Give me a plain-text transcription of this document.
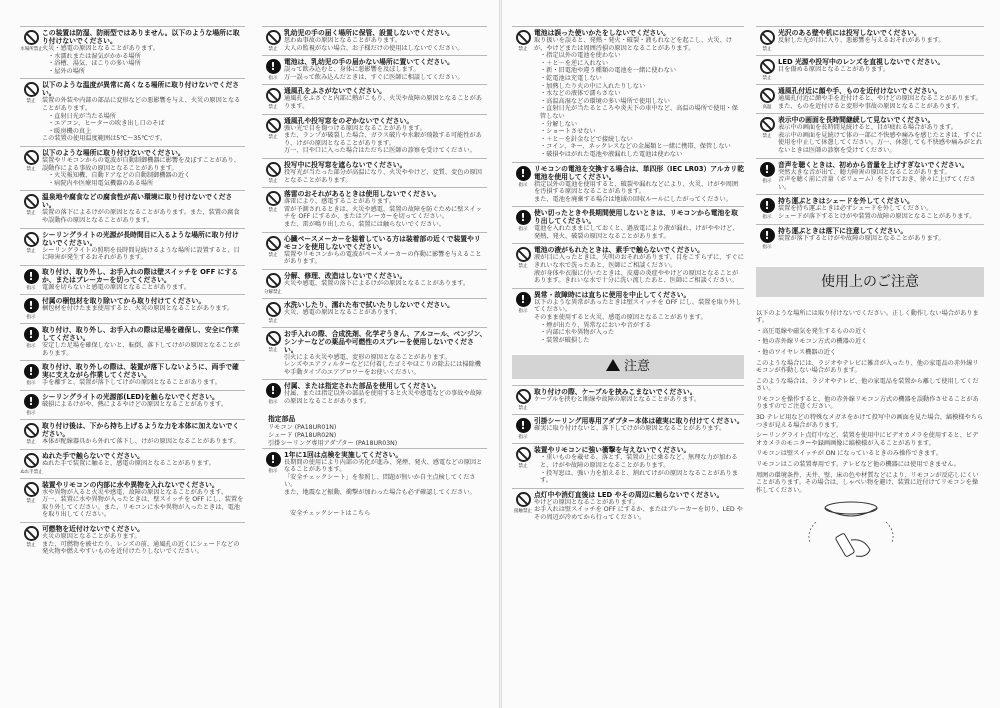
水場所禁止
この装置は防湿、防雨型ではありません。以下のような場所に取り付けないでください。
火災・感電の原因となることがあります。
・水濡れまたは湿気がかかる場所
・浴槽、湯気、ほこりの多い場所
・屋外の場所
禁止
以下のような温度が異常に高くなる場所に取り付けないでください。
装置の外装や内部の部品に変形などの悪影響を与え、火災の原因となることがあります。
・直射日光が当たる場所
・エアコン、ヒーターの吹き出し口のそば
・暖房機の真上
この装置の使用温度範囲は5℃～35℃です。
禁止
以下のような場所に取り付けないでください。
装置やリモコンからの電波が自動制御機器に影響を及ぼすことがあり、誤動作による事故の原因となることがあります。
・火災報知機、自動ドアなどの自動制御機器の近く
・病院内や医療用電気機器のある場所
禁止
温泉地や腐食などの腐食性が高い環境に取り付けないでください。
装置の落下によるけがの原因となることがあります。また、装置の腐食や誤動作の原因となることがあります。
禁止
シーリングライトの光源が長時間目に入るような場所に取り付けないでください。
シーリングライトの照明を長時間見続けるような場所に設置すると、目に障害が発生するおそれがあります。
!
指示
取り付け、取り外し、お手入れの際は壁スイッチを OFF にするか、またはブレーカーを切ってください。
電源を切らないと感電の原因となることがあります。
!
指示
付属の梱包材を取り除いてから取り付けてください。
梱包材を付けたまま使用すると、火災の原因となることがあります。
!
指示
取り付け、取り外し、お手入れの際は足場を確保し、安全に作業してください。
安定した足場を確保しないと、転倒、落下してけがの原因となることがあります。
!
指示
取り付け、取り外しの際は、装置が落下しないように、両手で確実に支えながら作業してください。
手を離すと、装置が落下してけがの原因となることがあります。
!
指示
シーリングライトの光源部(LED)を触らないでください。
破損によるけがや、熱によるやけどの原因となることがあります。
禁止
取り付け後は、下から持ち上げるような力を本体に加えないでください。
本体が配線器具から外れて落下し、けがの原因となることがあります。
ぬれ手禁止
ぬれた手で触らないでください。
ぬれた手で装置に触ると、感電の原因となることがあります。
禁止
装置やリモコンの内部に水や異物を入れないでください。
水や異物が入ると火災や感電、故障の原因となることがあります。
万一、装置に水や異物が入ったときは、壁スイッチを OFF にし、装置を取り外してください。また、リモコンに水や異物が入ったときは、電池を取り出してください。
禁止
可燃物を近付けないでください。
火災の原因となることがあります。
また、可燃物を被せたり、レンズの前、通風孔の近くにシェードなどの発火物や燃えやすいものを近付けたりしないでください。
禁止
乳幼児の手の届く場所に保管、設置しないでください。
思わぬ事故の原因となることがあります。
大人の監視がない場合、お子様だけの使用はしないでください。
!
指示
電池は、乳幼児の手の届かない場所に置いてください。
誤って飲み込むと、身体に悪影響を及ぼします。
万一誤って飲み込んだときは、すぐに医師に相談してください。
禁止
通風孔をふさがないでください。
通風孔をふさぐと内部に熱がこもり、火災や故障の原因となることがあります。
禁止
通風孔や投写窓をのぞかないでください。
強い光で目を傷つける原因となることがあります。
また、ランプが破裂した場合、ガラス破片や水銀が飛散する可能性があり、けがの原因となることがあります。
万一、目や口に入った場合はただちに医師の診察を受けてください。
禁止
投写中に投写窓を遮らないでください。
投写光が当たった部分が高温になり、火災ややけど、変質、変色の原因となることがあります。
禁止
落雷のおそれがあるときは使用しないでください。
落雷により、感電することがあります。
雷が予測されるときは、火災や感電、装置の故障を防ぐために壁スイッチを OFF にするか、またはブレーカーを切ってください。
また、雷が鳴り出したら、装置には触らないでください。
禁止
心臓ペースメーカーを装着している方は装着部の近くで装置やリモコンを使用しないでください。
装置やリモコンからの電波がペースメーカーの作動に影響を与えることがあります。
分解禁止
分解、修理、改造はしないでください。
火災や感電、装置の落下によるけがの原因となることがあります。
禁止
水洗いしたり、濡れた布で拭いたりしないでください。
火災、感電の原因となることがあります。
禁止
お手入れの際、合成洗剤、化学ぞうきん、アルコール、ベンジン、シンナーなどの薬品や可燃性のスプレーを使用しないでください。
引火による火災や感電、変形の原因となることがあります。
レンズやエアフィルターなどに付着したゴミやほこりの除去には掃除機や手動タイプのエアブロワーをお使いください。
!
指示
付属、または指定された部品を使用してください。
付属、または指定以外の部品を使用すると火災や感電などの事故や故障の原因となることがあります。
指定部品
リモコン (PA18UR01N)
シェード (PA18UR02N)
引掛シーリング専用アダプター (PA18UR03N)
!
指示
1年に1回は点検を実施してください。
長期間の使用により内部の劣化が進み、発煙、発火、感電などの原因となることがあります。
「安全チェックシート」を参照し、問題が無いか自主点検してください。
また、地震など振動、衝撃が加わった場合も必ず確認してください。
安全チェックシートはこちら
禁止
電池は誤った使いかたをしないでください。
取り扱いを誤ると、発熱・発火・破裂・液もれなどを起こし、火災、けが、やけどまたは周囲汚損の原因となることがあります。
・指定以外の電池を使わない
・＋と－を逆に入れない
・新・旧電池や違う種類の電池を一緒に使わない
・乾電池は充電しない
・加熱したり火の中に入れたりしない
・水などの液体で濡らさない
・高温高湿などの環境の多い場所で使用しない
・直射日光が当たるところや炎天下の車中など、高温の場所で使用・保管しない
・分解しない
・ショートさせない
・＋と－を針金などで接続しない
・コイン、キー、ネックレスなどの金属類と一緒に携帯、保管しない
・破損やはがれた電池や液漏れした電池は使わない
!
指示
リモコンの電池を交換する場合は、単四形（IEC LR03）アルカリ乾電池を使用してください。
指定以外の電池を使用すると、破裂や漏れなどにより、火災、けがや周囲を汚損する原因となることがあります。
また、電池を廃棄する場合は地域の回収ルールにしたがってください。
!
指示
使い切ったときや長期間使用しないときは、リモコンから電池を取り出してください。
電池を入れたままにしておくと、過放電により液が漏れ、けがややけど、発熱、発火、破裂の原因となることがあります。
禁止
電池の液がもれたときは、素手で触らないでください。
液が目に入ったときは、失明のおそれがあります。目をこすらずに、すぐにきれいな水で洗ったあと、医師にご相談ください。
液が身体や衣服に付いたときは、皮膚の炎症ややけどの原因となることがあります。きれいな水で十分に洗い流したあと、医師にご相談ください。
!
指示
異常・故障時には直ちに使用を中止してください。
以下のような異常があったときは壁スイッチを OFF にし、装置を取り外してください。
そのまま使用すると火災、感電の原因となることがあります。
・煙が出たり、異常なにおいや音がする
・内部に水や異物が入った
・装置が破損した
注意
禁止
取り付けの際、ケーブルを挟みこまないでください。
ケーブルを挟むと断線や故障の原因となることがあります。
!
指示
引掛シーリング用専用アダプター本体は確実に取り付けてください。
確実に取り付けないと、落下してけがの原因となることがあります。
禁止
装置やリモコンに強い衝撃を与えないでください。
・重いものを載せる、落とす、装置の上に乗るなど、無理な力が加わると、けがや故障の原因となることがあります。
・投写窓は、強い力を加えると、割れてけがの原因となることがあります。
接触禁止
点灯中や消灯直後は LED やその周辺に触らないでください。
やけどの原因となることがあります。
お手入れは壁スイッチを OFF にするか、またはブレーカーを切り、LED やその周辺が冷めてから行ってください。
禁止
光沢のある壁や机には投写しないでください。
反射した光が目に入り、悪影響を与えるおそれがあります。
禁止
LED 光源や投写中のレンズを直視しないでください。
目を傷める原因となることがあります。
高温
通風孔付近に顔や手、ものを近付けないでください。
通風孔付近に顔や手を近付けると、やけどの原因となることがあります。
また、ものを近付けると変形や事故の原因となることがあります。
禁止
表示中の画面を長時間継続して見ないでください。
表示中の画面を長時間見続けると、目が疲れる場合があります。
表示中の画面を見続けて体の一部に不快感や痛みを感じたときは、すぐに使用を中止して休憩してください。万一、休憩しても不快感や痛みがとれないときは医師の診察を受けてください。
!
指示
音声を聴くときは、初めから音量を上げすぎないでください。
突然大きな音が出て、聴力障害の原因となることがあります。
音声を聴く前に音量（ボリューム）を下げておき、徐々に上げてください。
!
指示
持ち運ぶときはシェードを外してください。
装置を持ち運ぶときは必ずシェードを外してください。
シェードが落下するとけがや装置の故障の原因となることがあります。
!
指示
持ち運ぶときは落下に注意してください。
装置が落下するとけがや故障の原因となることがあります。
使用上のご注意
以下のような場所には取り付けないでください。正しく動作しない場合があります。
・高圧電線や磁気を発生するものの近く
・他の赤外線リモコン方式の機器の近く
・他のワイヤレス機器の近く
このような場合には、ラジオやテレビに雑音が入ったり、他の家電品の赤外線リモコンが作動しない場合があります。
このような場合は、ラジオやテレビ、他の家電品を装置から離して使用してください。
リモコンを操作すると、他の赤外線リモコン方式の機器を誤動作させることがありますのでご注意ください。
3D テレビ用などの特殊なメガネをかけて投写中の画面を見た場合、縞模様やちらつきが見える場合があります。
シーリングライト点灯中など、装置を使用中にビデオカメラを使用すると、ビデオカメラのモニターや録画画像に縞模様が入ることがあります。
リモコンは壁スイッチが ON になっているときのみ操作できます。
リモコンはこの装置専用です。テレビなど他の機器には使用できません。
周囲の環境条件、天井、壁、床の色や材質などにより、リモコンが反応しにくいことがあります。その場合は、しゃべい物を避け、装置に近付けてリモコンを操作してください。
